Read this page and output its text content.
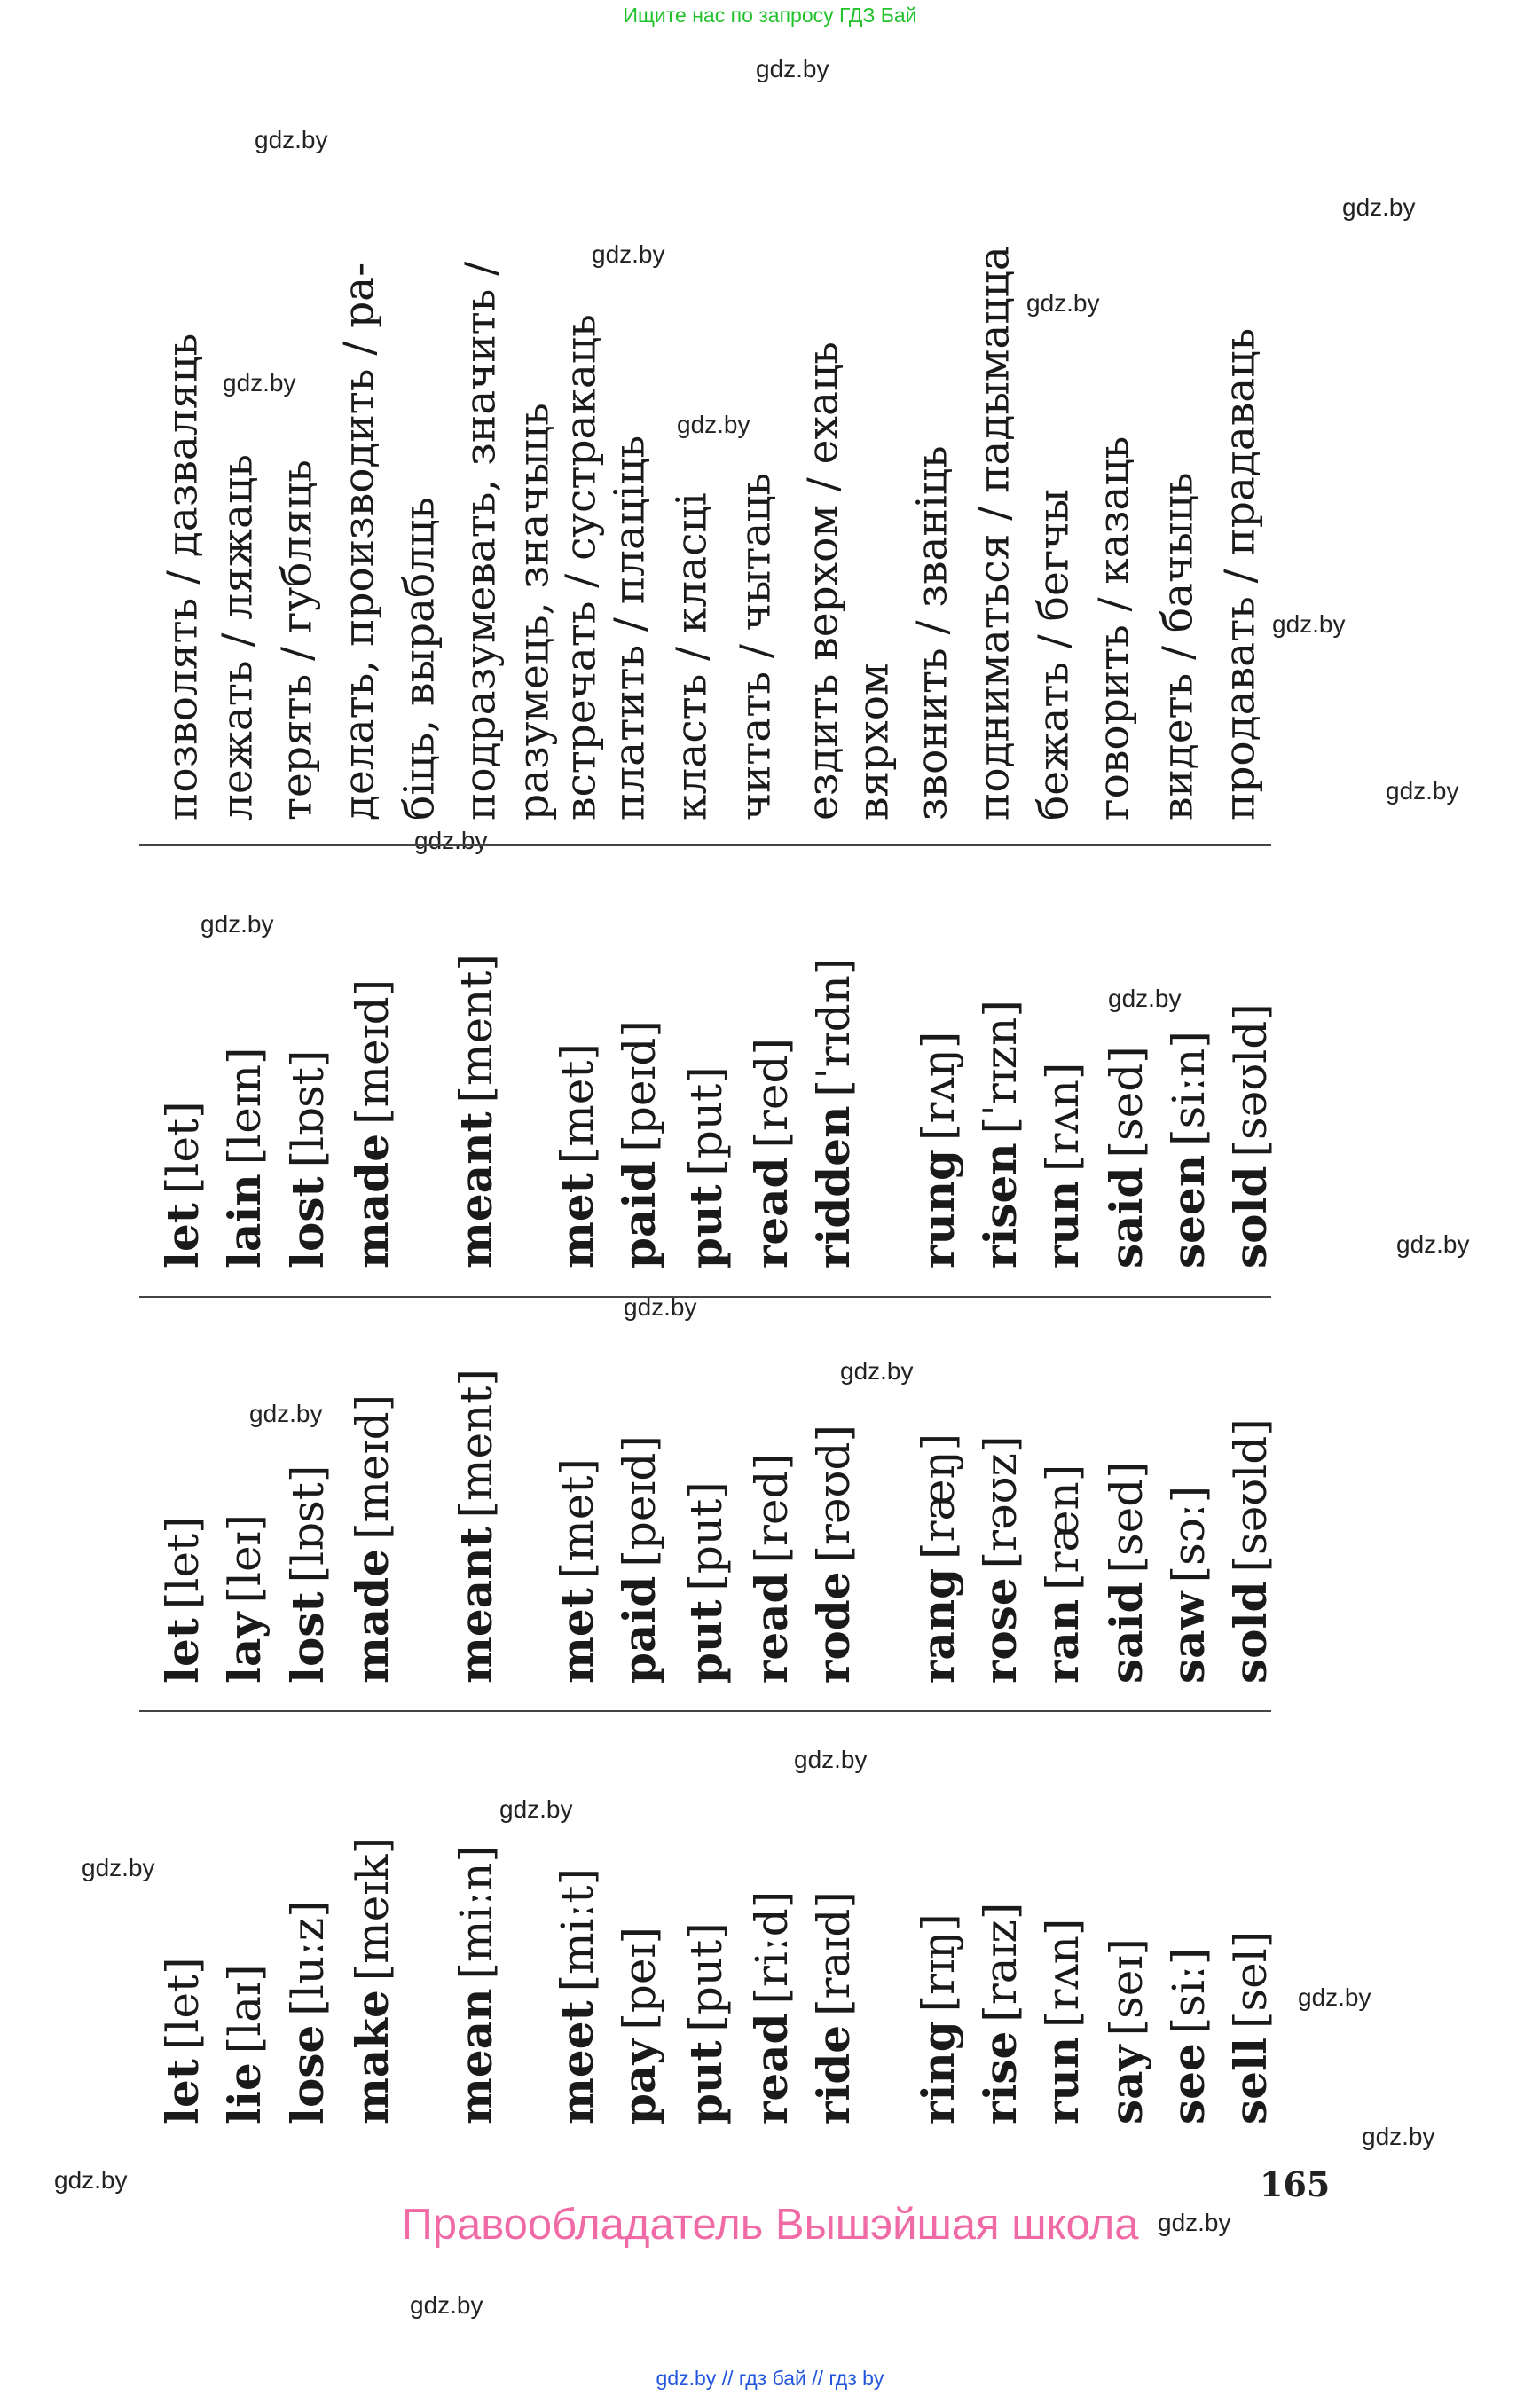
Ищите нас по запросу ГДЗ Бай
gdz.by
gdz.by
gdz.by
gdz.by
gdz.by
gdz.by
gdz.by
gdz.by
gdz.by
gdz.by
gdz.by
gdz.by
gdz.by
gdz.by
gdz.by
gdz.by
gdz.by
gdz.by
gdz.by
gdz.by
gdz.by
gdz.by
gdz.by
gdz.by
позволять / дазваляць лежать / ляжаць терять / губляць делать, производить / ра- біць, выраблць подразумевать, значить / разумець, значыць
встречать / сустракаць платить / плаціць класть / класці читать / чытаць ездить верхом / ехаць вярхом звонить / званіць подниматься / падымацца бежать / бегчы говорить / казаць видеть / бачыць продавать / прадаваць
let[let]
lain[leɪn]
lost[lɒst]
made[meɪd]
meant[ment]
met[met]
paid[peɪd]
put[put]
read[red]
ridden[ˈrɪdn]
rung[rʌŋ]
risen[ˈrɪzn]
run[rʌn]
said[sed]
seen[siːn]
sold[səʊld]
let[let]
lay[leɪ]
lost[lɒst]
made[meɪd]
meant[ment]
met[met]
paid[peɪd]
put[put]
read[red]
rode[rəʊd]
rang[ræŋ]
rose[rəʊz]
ran[ræn]
said[sed]
saw[sɔː]
sold[səʊld]
let[let]
lie[laɪ]
lose[luːz]
make[meɪk]
mean[miːn]
meet[miːt]
pay[peɪ]
put[put]
read[riːd]
ride[raɪd]
ring[rɪŋ]
rise[raɪz]
run[rʌn]
say[seɪ]
see[siː]
sell[sel]
165
Правообладатель Вышэйшая школа
gdz.by // гдз бай // гдз by
